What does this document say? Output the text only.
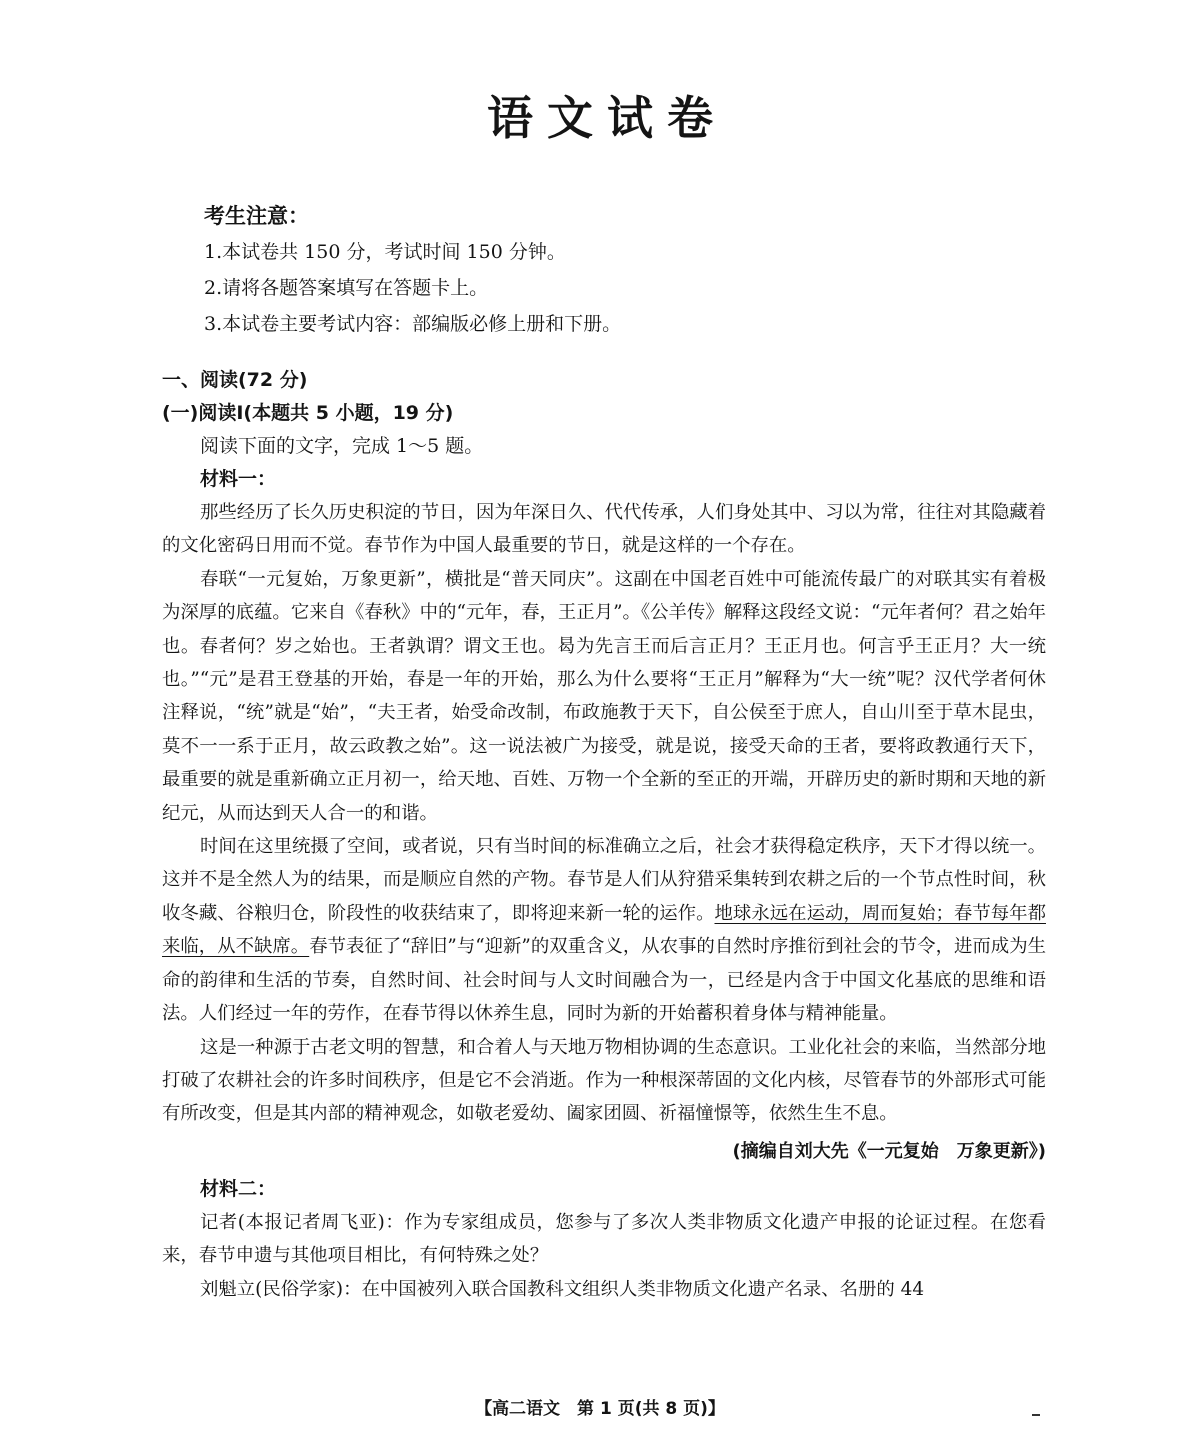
语文试卷
考生注意：
1.本试卷共 150 分，考试时间 150 分钟。
2.请将各题答案填写在答题卡上。
3.本试卷主要考试内容：部编版必修上册和下册。
一、阅读(72 分)
(一)阅读Ⅰ(本题共 5 小题，19 分)
阅读下面的文字，完成 1～5 题。
材料一：

那些经历了长久历史积淀的节日，因为年深日久、代代传承，人们身处其中、习以为常，往往对其隐藏着的文化密码日用而不觉。春节作为中国人最重要的节日，就是这样的一个存在。

春联“一元复始，万象更新”，横批是“普天同庆”。这副在中国老百姓中可能流传最广的对联其实有着极为深厚的底蕴。它来自《春秋》中的“元年，春，王正月”。《公羊传》解释这段经文说：“元年者何？君之始年也。春者何？岁之始也。王者孰谓？谓文王也。曷为先言王而后言正月？王正月也。何言乎王正月？大一统也。”“元”是君王登基的开始，春是一年的开始，那么为什么要将“王正月”解释为“大一统”呢？汉代学者何休注释说，“统”就是“始”，“夫王者，始受命改制，布政施教于天下，自公侯至于庶人，自山川至于草木昆虫，莫不一一系于正月，故云政教之始”。这一说法被广为接受，就是说，接受天命的王者，要将政教通行天下，最重要的就是重新确立正月初一，给天地、百姓、万物一个全新的至正的开端，开辟历史的新时期和天地的新纪元，从而达到天人合一的和谐。

时间在这里统摄了空间，或者说，只有当时间的标准确立之后，社会才获得稳定秩序，天下才得以统一。这并不是全然人为的结果，而是顺应自然的产物。春节是人们从狩猎采集转到农耕之后的一个节点性时间，秋收冬藏、谷粮归仓，阶段性的收获结束了，即将迎来新一轮的运作。地球永远在运动，周而复始；春节每年都来临，从不缺席。春节表征了“辞旧”与“迎新”的双重含义，从农事的自然时序推衍到社会的节令，进而成为生命的韵律和生活的节奏，自然时间、社会时间与人文时间融合为一，已经是内含于中国文化基底的思维和语法。人们经过一年的劳作，在春节得以休养生息，同时为新的开始蓄积着身体与精神能量。

这是一种源于古老文明的智慧，和合着人与天地万物相协调的生态意识。工业化社会的来临，当然部分地打破了农耕社会的许多时间秩序，但是它不会消逝。作为一种根深蒂固的文化内核，尽管春节的外部形式可能有所改变，但是其内部的精神观念，如敬老爱幼、阖家团圆、祈福憧憬等，依然生生不息。

(摘编自刘大先《一元复始　万象更新》)
材料二：

记者(本报记者周飞亚)：作为专家组成员，您参与了多次人类非物质文化遗产申报的论证过程。在您看来，春节申遗与其他项目相比，有何特殊之处？

刘魁立(民俗学家)：在中国被列入联合国教科文组织人类非物质文化遗产名录、名册的 44

【高二语文　第 1 页(共 8 页)】
